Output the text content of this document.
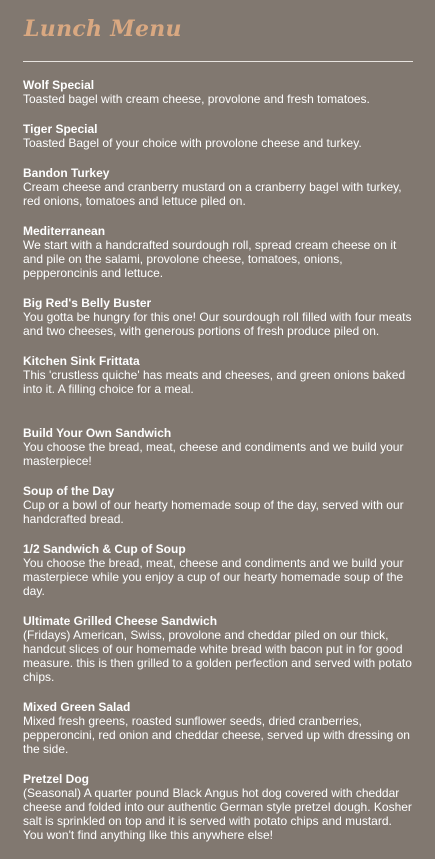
Lunch Menu
Wolf Special
Toasted bagel with cream cheese, provolone and fresh tomatoes.
Tiger Special
Toasted Bagel of your choice with provolone cheese and turkey.
Bandon Turkey
Cream cheese and cranberry mustard on a cranberry bagel with turkey, red onions, tomatoes and lettuce piled on.
Mediterranean
We start with a handcrafted sourdough roll, spread cream cheese on it and pile on the salami, provolone cheese, tomatoes, onions, pepperoncinis and lettuce.
Big Red's Belly Buster
You gotta be hungry for this one! Our sourdough roll filled with four meats and two cheeses, with generous portions of fresh produce piled on.
Kitchen Sink Frittata
This 'crustless quiche' has meats and cheeses, and green onions baked into it. A filling choice for a meal.
Build Your Own Sandwich
You choose the bread, meat, cheese and condiments and we build your masterpiece!
Soup of the Day
Cup or a bowl of our hearty homemade soup of the day, served with our handcrafted bread.
1/2 Sandwich & Cup of Soup
You choose the bread, meat, cheese and condiments and we build your masterpiece while you enjoy a cup of our hearty homemade soup of the day.
Ultimate Grilled Cheese Sandwich
(Fridays) American, Swiss, provolone and cheddar piled on our thick, handcut slices of our homemade white bread with bacon put in for good measure. this is then grilled to a golden perfection and served with potato chips.
Mixed Green Salad
Mixed fresh greens, roasted sunflower seeds, dried cranberries, pepperoncini, red onion and cheddar cheese, served up with dressing on the side.
Pretzel Dog
(Seasonal) A quarter pound Black Angus hot dog covered with cheddar cheese and folded into our authentic German style pretzel dough. Kosher salt is sprinkled on top and it is served with potato chips and mustard. You won't find anything like this anywhere else!
